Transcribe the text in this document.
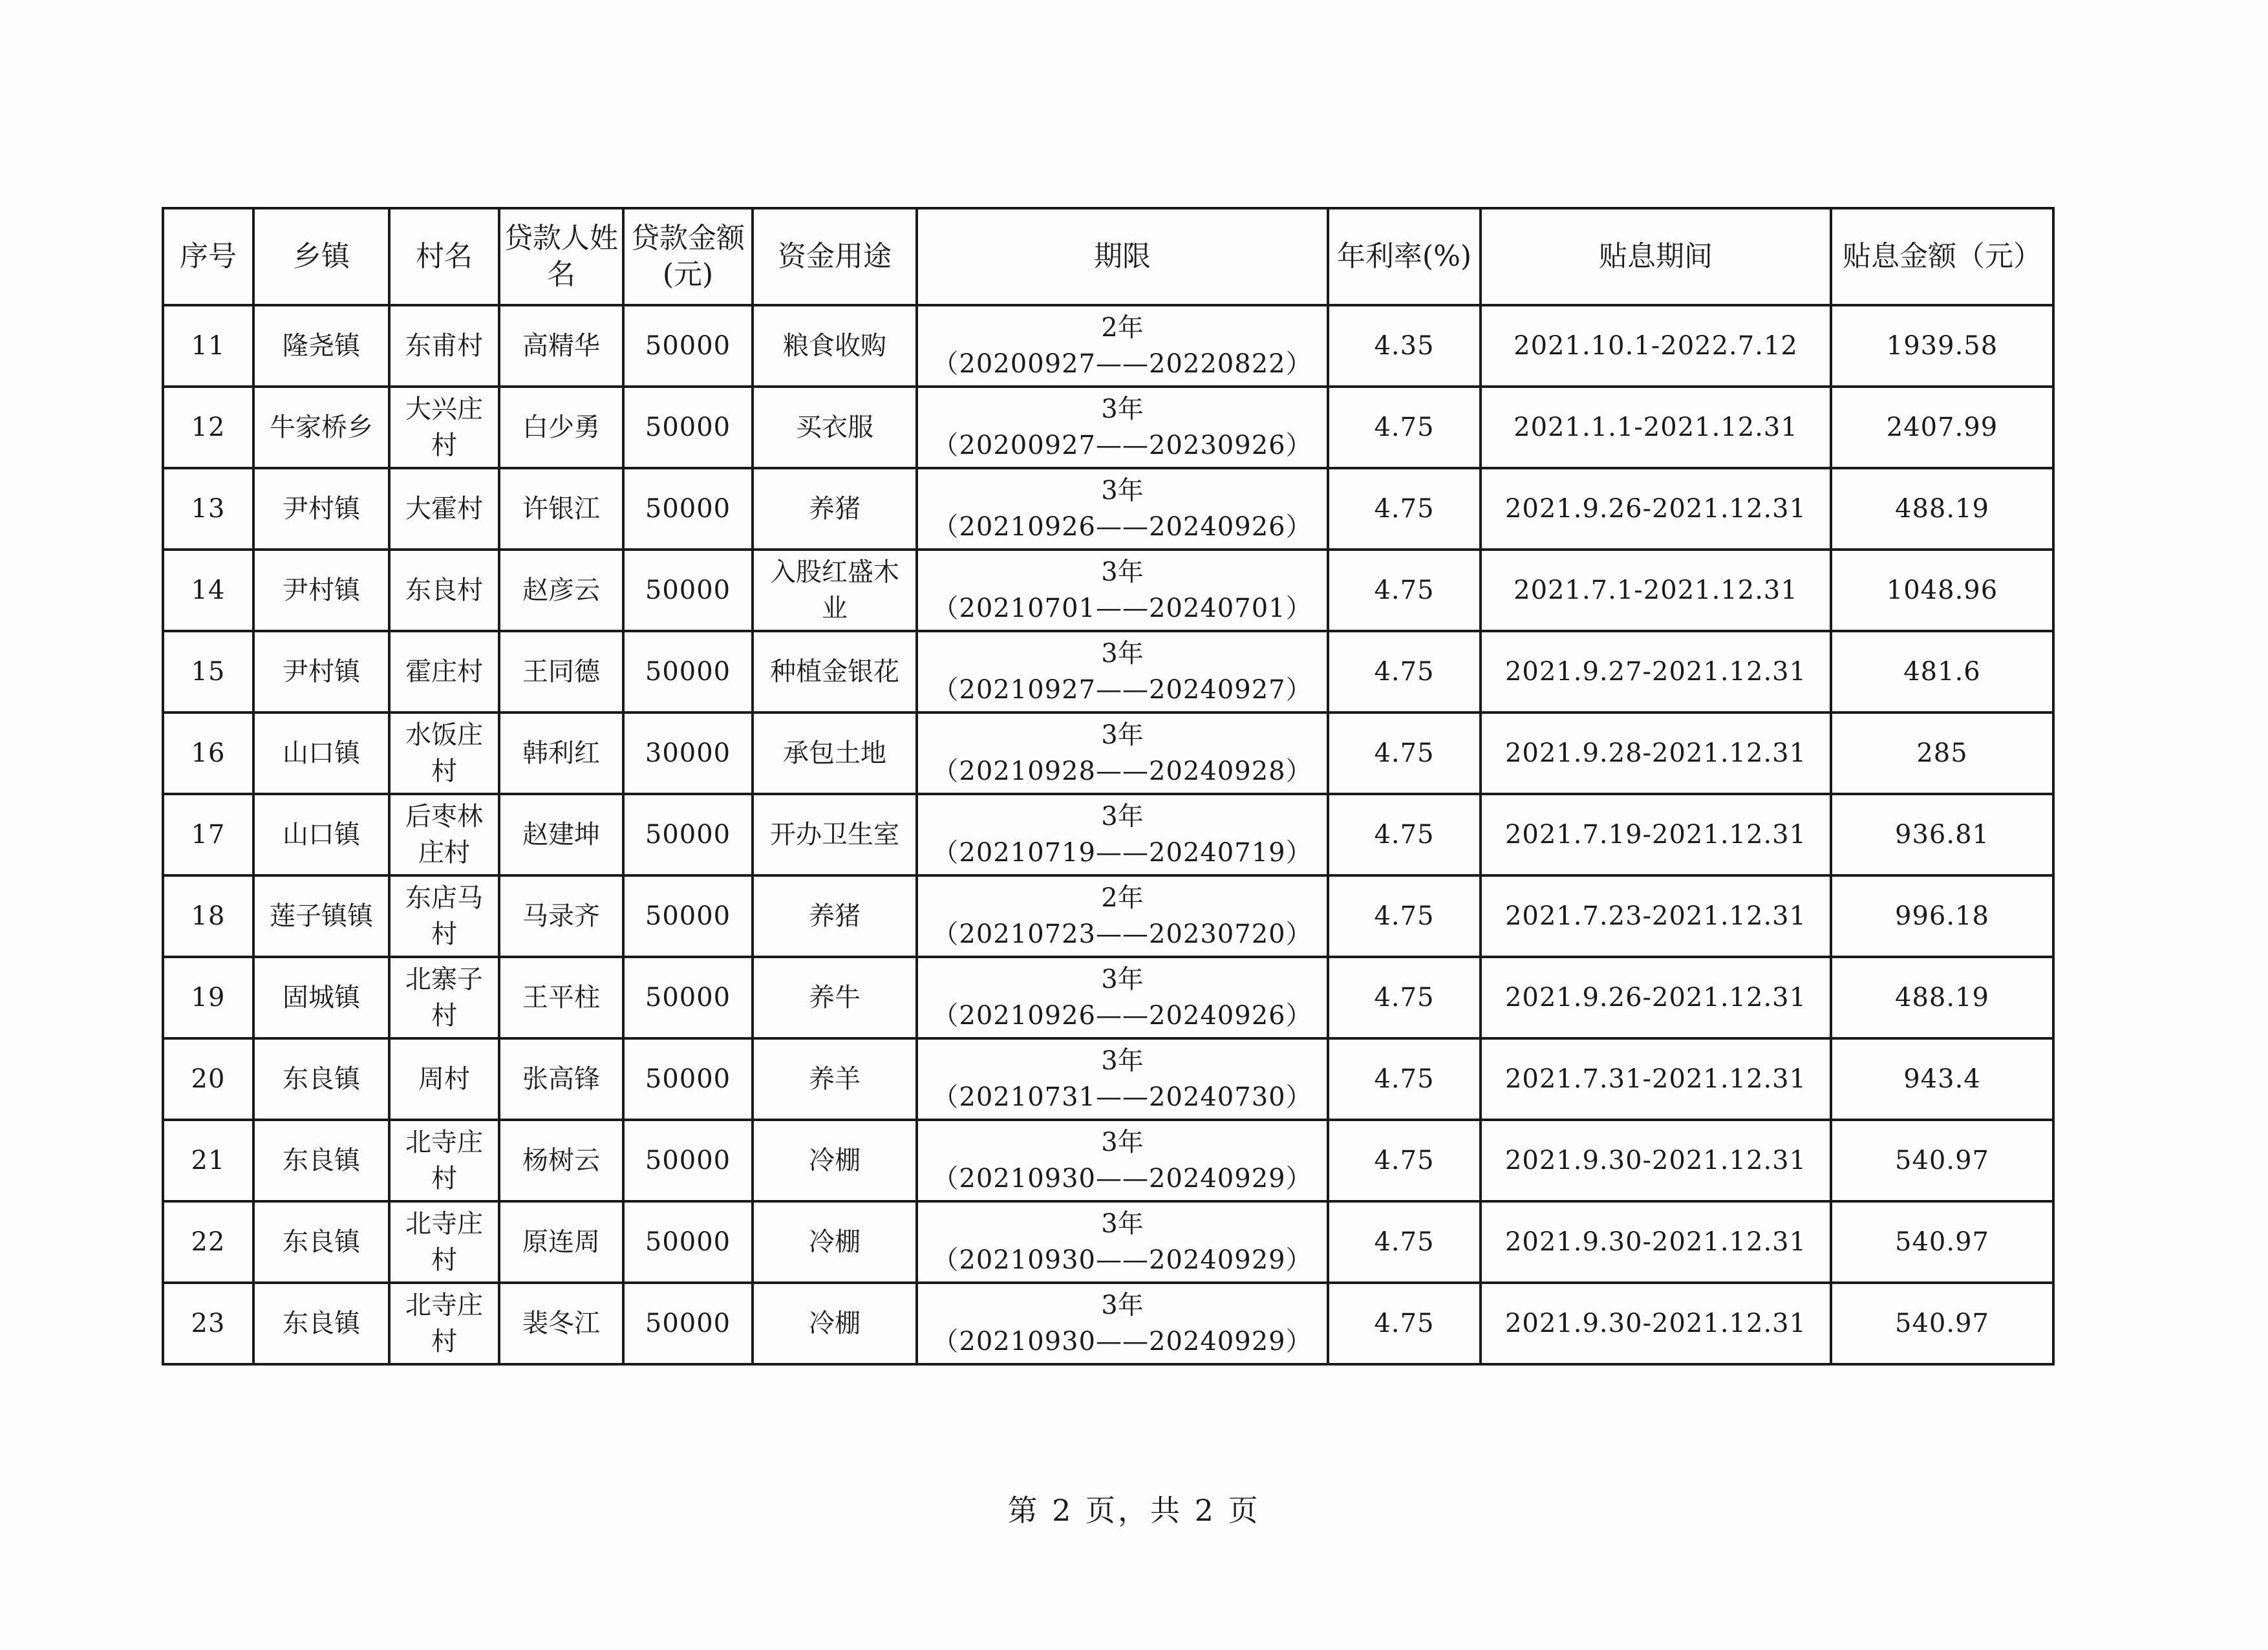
序号	乡镇	村名	贷款人姓名	贷款金额(元)	资金用途	期限	年利率(%)	贴息期间	贴息金额（元）
11	隆尧镇	东甫村	高精华	50000	粮食收购	2年
（20200927——20220822）	4.35	2021.10.1-2022.7.12	1939.58
12	牛家桥乡	大兴庄村	白少勇	50000	买衣服	3年
（20200927——20230926）	4.75	2021.1.1-2021.12.31	2407.99
13	尹村镇	大霍村	许银江	50000	养猪	3年
（20210926——20240926）	4.75	2021.9.26-2021.12.31	488.19
14	尹村镇	东良村	赵彦云	50000	入股红盛木业	3年
（20210701——20240701）	4.75	2021.7.1-2021.12.31	1048.96
15	尹村镇	霍庄村	王同德	50000	种植金银花	3年
（20210927——20240927）	4.75	2021.9.27-2021.12.31	481.6
16	山口镇	水饭庄村	韩利红	30000	承包土地	3年
（20210928——20240928）	4.75	2021.9.28-2021.12.31	285
17	山口镇	后枣林庄村	赵建坤	50000	开办卫生室	3年
（20210719——20240719）	4.75	2021.7.19-2021.12.31	936.81
18	莲子镇镇	东店马村	马录齐	50000	养猪	2年
（20210723——20230720）	4.75	2021.7.23-2021.12.31	996.18
19	固城镇	北寨子村	王平柱	50000	养牛	3年
（20210926——20240926）	4.75	2021.9.26-2021.12.31	488.19
20	东良镇	周村	张高锋	50000	养羊	3年
（20210731——20240730）	4.75	2021.7.31-2021.12.31	943.4
21	东良镇	北寺庄村	杨树云	50000	冷棚	3年
（20210930——20240929）	4.75	2021.9.30-2021.12.31	540.97
22	东良镇	北寺庄村	原连周	50000	冷棚	3年
（20210930——20240929）	4.75	2021.9.30-2021.12.31	540.97
23	东良镇	北寺庄村	裴冬江	50000	冷棚	3年
（20210930——20240929）	4.75	2021.9.30-2021.12.31	540.97
第 2 页，共 2 页
